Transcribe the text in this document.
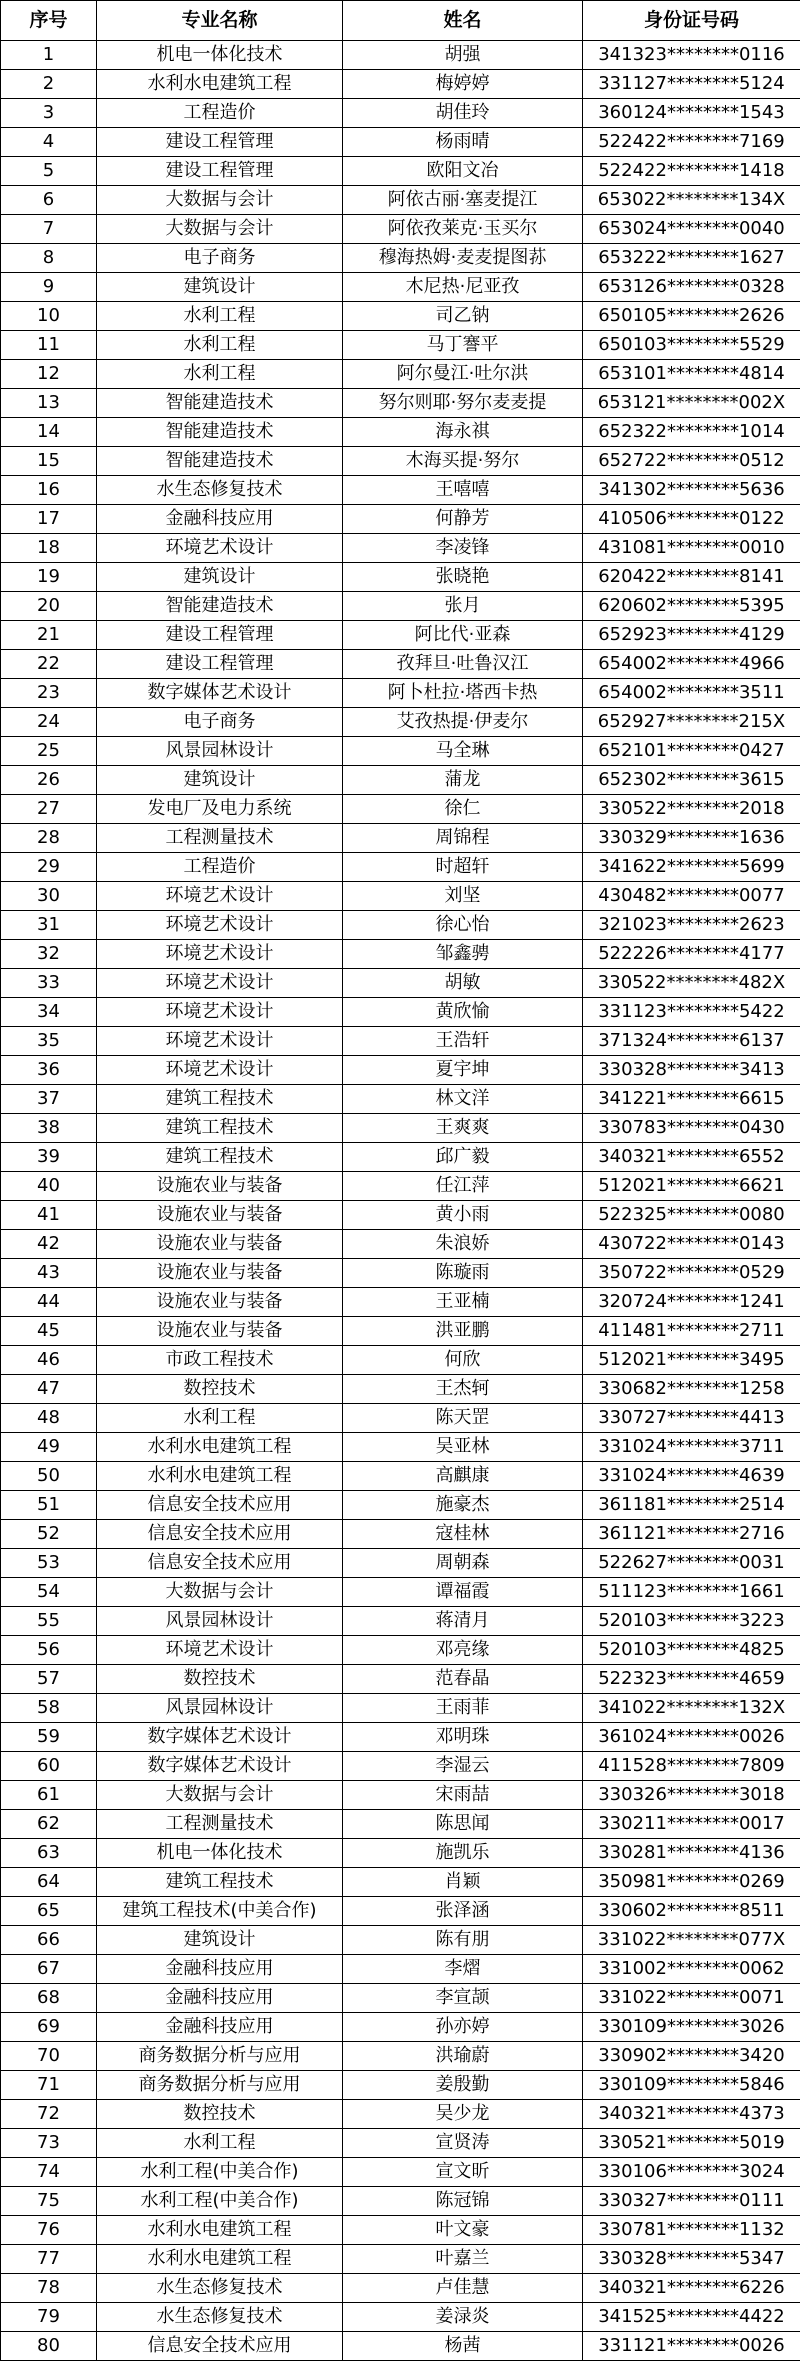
序号	专业名称	姓名	身份证号码
1	机电一体化技术	胡强	341323********0116
2	水利水电建筑工程	梅婷婷	331127********5124
3	工程造价	胡佳玲	360124********1543
4	建设工程管理	杨雨晴	522422********7169
5	建设工程管理	欧阳文冶	522422********1418
6	大数据与会计	阿依古丽·塞麦提江	653022********134X
7	大数据与会计	阿依孜莱克·玉买尔	653024********0040
8	电子商务	穆海热姆·麦麦提图荪	653222********1627
9	建筑设计	木尼热·尼亚孜	653126********0328
10	水利工程	司乙钠	650105********2626
11	水利工程	马丁謇平	650103********5529
12	水利工程	阿尔曼江·吐尔洪	653101********4814
13	智能建造技术	努尔则耶·努尔麦麦提	653121********002X
14	智能建造技术	海永祺	652322********1014
15	智能建造技术	木海买提·努尔	652722********0512
16	水生态修复技术	王嘻嘻	341302********5636
17	金融科技应用	何静芳	410506********0122
18	环境艺术设计	李凌锋	431081********0010
19	建筑设计	张晓艳	620422********8141
20	智能建造技术	张月	620602********5395
21	建设工程管理	阿比代·亚森	652923********4129
22	建设工程管理	孜拜旦·吐鲁汉江	654002********4966
23	数字媒体艺术设计	阿卜杜拉·塔西卡热	654002********3511
24	电子商务	艾孜热提·伊麦尔	652927********215X
25	风景园林设计	马全琳	652101********0427
26	建筑设计	蒲龙	652302********3615
27	发电厂及电力系统	徐仁	330522********2018
28	工程测量技术	周锦程	330329********1636
29	工程造价	时超轩	341622********5699
30	环境艺术设计	刘坚	430482********0077
31	环境艺术设计	徐心怡	321023********2623
32	环境艺术设计	邹鑫骋	522226********4177
33	环境艺术设计	胡敏	330522********482X
34	环境艺术设计	黄欣愉	331123********5422
35	环境艺术设计	王浩轩	371324********6137
36	环境艺术设计	夏宇坤	330328********3413
37	建筑工程技术	林文洋	341221********6615
38	建筑工程技术	王爽爽	330783********0430
39	建筑工程技术	邱广毅	340321********6552
40	设施农业与装备	任江萍	512021********6621
41	设施农业与装备	黄小雨	522325********0080
42	设施农业与装备	朱浪娇	430722********0143
43	设施农业与装备	陈璇雨	350722********0529
44	设施农业与装备	王亚楠	320724********1241
45	设施农业与装备	洪亚鹏	411481********2711
46	市政工程技术	何欣	512021********3495
47	数控技术	王杰轲	330682********1258
48	水利工程	陈天罡	330727********4413
49	水利水电建筑工程	吴亚林	331024********3711
50	水利水电建筑工程	高麒康	331024********4639
51	信息安全技术应用	施豪杰	361181********2514
52	信息安全技术应用	寇桂林	361121********2716
53	信息安全技术应用	周朝森	522627********0031
54	大数据与会计	谭福霞	511123********1661
55	风景园林设计	蒋清月	520103********3223
56	环境艺术设计	邓亮缘	520103********4825
57	数控技术	范春晶	522323********4659
58	风景园林设计	王雨菲	341022********132X
59	数字媒体艺术设计	邓明珠	361024********0026
60	数字媒体艺术设计	李湿云	411528********7809
61	大数据与会计	宋雨喆	330326********3018
62	工程测量技术	陈思闻	330211********0017
63	机电一体化技术	施凯乐	330281********4136
64	建筑工程技术	肖颖	350981********0269
65	建筑工程技术(中美合作)	张泽涵	330602********8511
66	建筑设计	陈有朋	331022********077X
67	金融科技应用	李熠	331002********0062
68	金融科技应用	李宣颉	331022********0071
69	金融科技应用	孙亦婷	330109********3026
70	商务数据分析与应用	洪瑜蔚	330902********3420
71	商务数据分析与应用	姜殷勤	330109********5846
72	数控技术	吴少龙	340321********4373
73	水利工程	宣贤涛	330521********5019
74	水利工程(中美合作)	宣文昕	330106********3024
75	水利工程(中美合作)	陈冠锦	330327********0111
76	水利水电建筑工程	叶文豪	330781********1132
77	水利水电建筑工程	叶嘉兰	330328********5347
78	水生态修复技术	卢佳慧	340321********6226
79	水生态修复技术	姜渌炎	341525********4422
80	信息安全技术应用	杨茜	331121********0026
